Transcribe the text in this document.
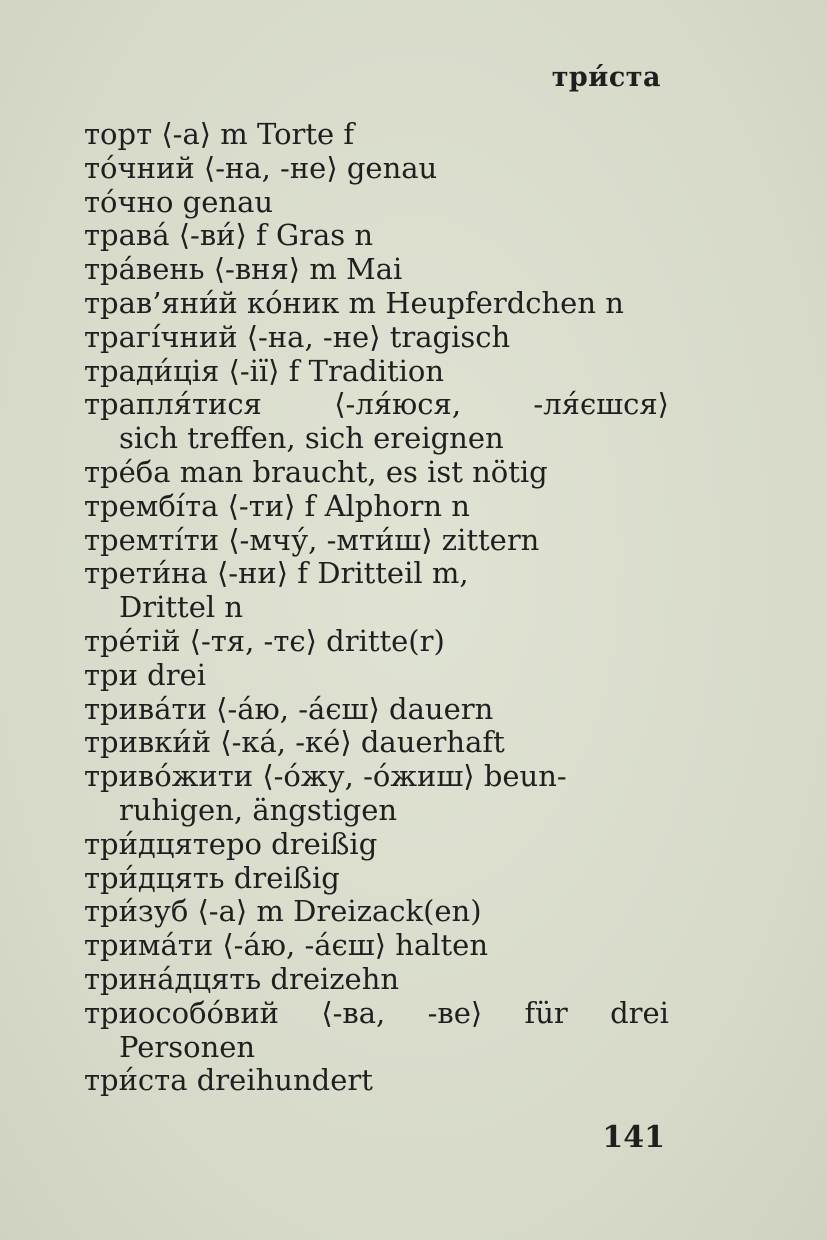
три́ста
торт ⟨-а⟩ m Torte f
то́чний ⟨-на, -не⟩ genau
то́чно genau
трава́ ⟨-ви́⟩ f Gras n
тра́вень ⟨-вня⟩ m Mai
трав’яни́й ко́ник m Heupferdchen n
трагі́чний ⟨-на, -не⟩ tragisch
тради́ція ⟨-ії⟩ f Tradition
трапля́тися ⟨-ля́юся, -ля́єшся⟩
sich treffen, sich ereignen
тре́ба man braucht, es ist nötig
трембі́та ⟨-ти⟩ f Alphorn n
тремті́ти ⟨-мчу́, -мти́ш⟩ zittern
трети́на ⟨-ни⟩ f Dritteil m,
Drittel n
тре́тій ⟨-тя, -тє⟩ dritte(r)
три drei
трива́ти ⟨-а́ю, -а́єш⟩ dauern
тривки́й ⟨-ка́, -ке́⟩ dauerhaft
триво́жити ⟨-о́жу, -о́жиш⟩ beun-
ruhigen, ängstigen
три́дцятеро dreißig
три́дцять dreißig
три́зуб ⟨-а⟩ m Dreizack(en)
трима́ти ⟨-а́ю, -а́єш⟩ halten
трина́дцять dreizehn
триособо́вий ⟨-ва, -ве⟩ für drei
Personen
три́ста dreihundert
141
